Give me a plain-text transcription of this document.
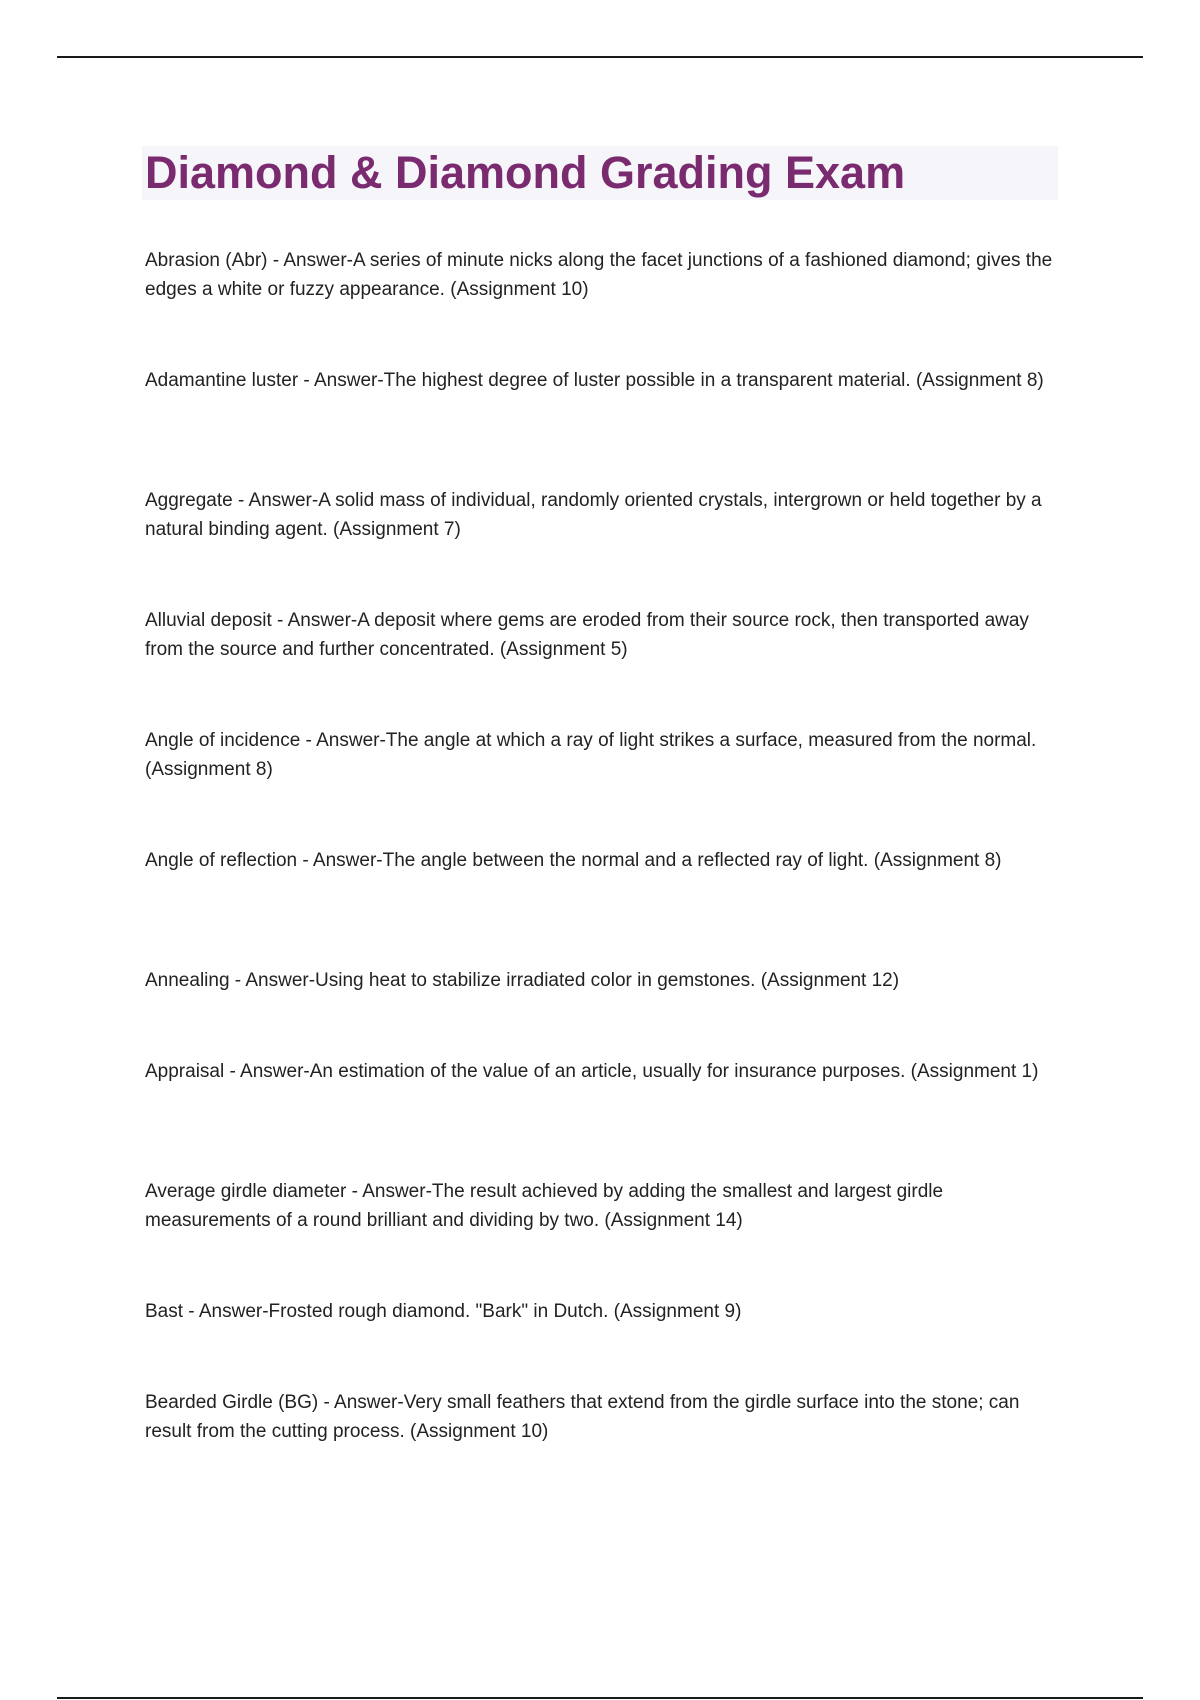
Diamond & Diamond Grading Exam
Abrasion (Abr) - Answer-A series of minute nicks along the facet junctions of a fashioned diamond; gives the edges a white or fuzzy appearance. (Assignment 10)
Adamantine luster - Answer-The highest degree of luster possible in a transparent material. (Assignment 8)
Aggregate - Answer-A solid mass of individual, randomly oriented crystals, intergrown or held together by a natural binding agent. (Assignment 7)
Alluvial deposit - Answer-A deposit where gems are eroded from their source rock, then transported away from the source and further concentrated. (Assignment 5)
Angle of incidence - Answer-The angle at which a ray of light strikes a surface, measured from the normal. (Assignment 8)
Angle of reflection - Answer-The angle between the normal and a reflected ray of light. (Assignment 8)
Annealing - Answer-Using heat to stabilize irradiated color in gemstones. (Assignment 12)
Appraisal - Answer-An estimation of the value of an article, usually for insurance purposes. (Assignment 1)
Average girdle diameter - Answer-The result achieved by adding the smallest and largest girdle measurements of a round brilliant and dividing by two. (Assignment 14)
Bast - Answer-Frosted rough diamond. "Bark" in Dutch. (Assignment 9)
Bearded Girdle (BG) - Answer-Very small feathers that extend from the girdle surface into the stone; can result from the cutting process. (Assignment 10)
